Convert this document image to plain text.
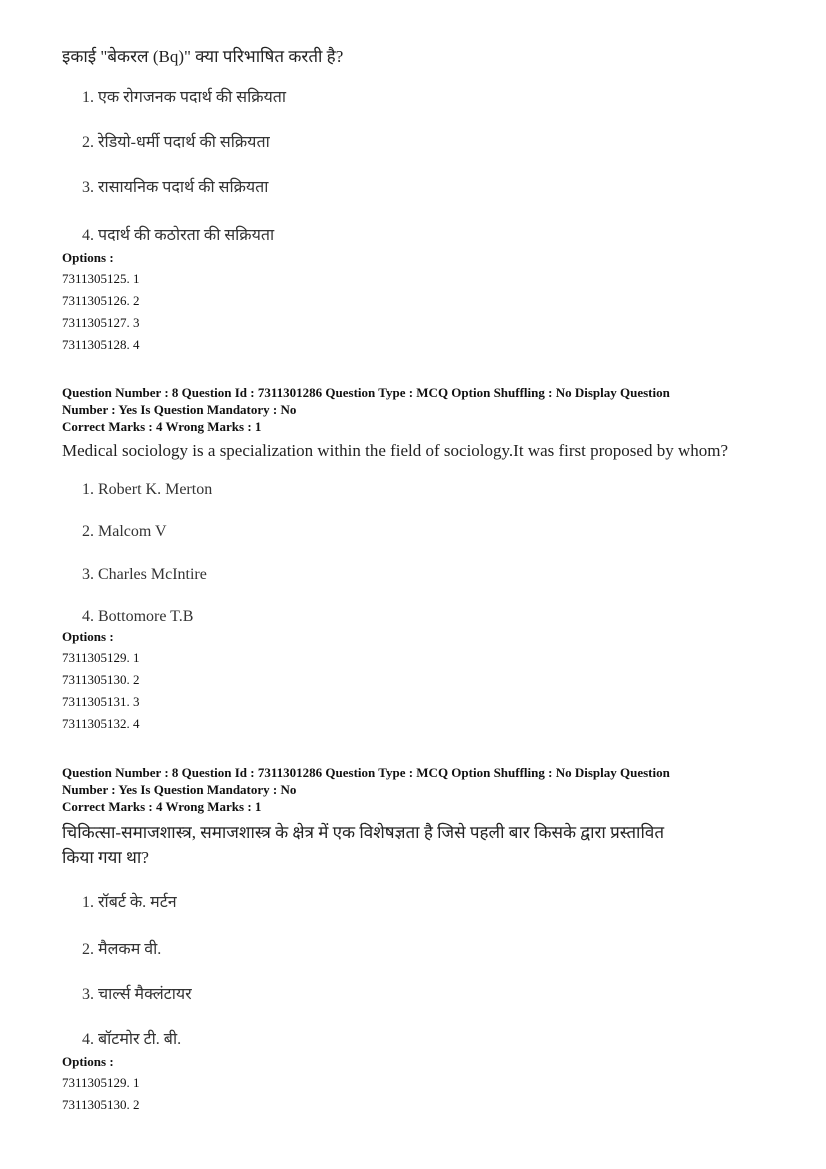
इकाई "बेकरल (Bq)" क्या परिभाषित करती है?
1. एक रोगजनक पदार्थ की सक्रियता
2. रेडियो-धर्मी पदार्थ की सक्रियता
3. रासायनिक पदार्थ की सक्रियता
4. पदार्थ की कठोरता की सक्रियता
Options :
7311305125. 1
7311305126. 2
7311305127. 3
7311305128. 4
Question Number : 8 Question Id : 7311301286 Question Type : MCQ Option Shuffling : No Display Question
Number : Yes Is Question Mandatory : No
Correct Marks : 4 Wrong Marks : 1
Medical sociology is a specialization within the field of sociology.It was first proposed by whom?
1. Robert K. Merton
2. Malcom V
3. Charles McIntire
4. Bottomore T.B
Options :
7311305129. 1
7311305130. 2
7311305131. 3
7311305132. 4
Question Number : 8 Question Id : 7311301286 Question Type : MCQ Option Shuffling : No Display Question
Number : Yes Is Question Mandatory : No
Correct Marks : 4 Wrong Marks : 1
चिकित्सा-समाजशास्त्र, समाजशास्त्र के क्षेत्र में एक विशेषज्ञता है जिसे पहली बार किसके द्वारा प्रस्तावित
किया गया था?
1. रॉबर्ट के. मर्टन
2. मैलकम वी.
3. चार्ल्स मैक्लंटायर
4. बॉटमोर टी. बी.
Options :
7311305129. 1
7311305130. 2
